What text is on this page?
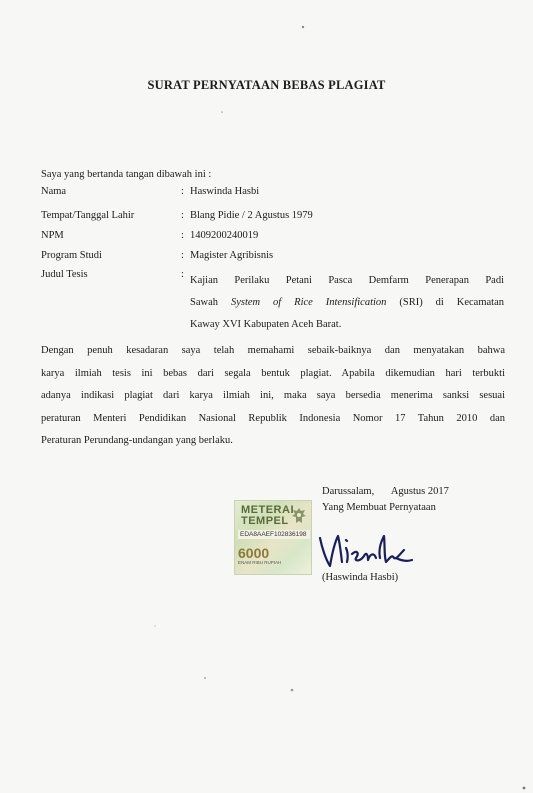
SURAT PERNYATAAN BEBAS PLAGIAT
Saya yang bertanda tangan dibawah ini :
Nama	: Haswinda Hasbi
Tempat/Tanggal Lahir	: Blang Pidie / 2 Agustus 1979
NPM	: 1409200240019
Program Studi	: Magister Agribisnis
Judul Tesis	:
Kajian Perilaku Petani Pasca Demfarm Penerapan Padi
Sawah System of Rice Intensification (SRI) di Kecamatan
Kaway XVI Kabupaten Aceh Barat.
Dengan penuh kesadaran saya telah memahami sebaik-baiknya dan menyatakan bahwa
karya ilmiah tesis ini bebas dari segala bentuk plagiat. Apabila dikemudian hari terbukti
adanya indikasi plagiat dari karya ilmiah ini, maka saya bersedia menerima sanksi sesuai
peraturan Menteri Pendidikan Nasional Republik Indonesia Nomor 17 Tahun 2010 dan
Peraturan Perundang-undangan yang berlaku.
Darussalam, Agustus 2017
Yang Membuat Pernyataan
METERAI
TEMPEL
EDA8AAEF102836198
6000
ENAM RIBU RUPIAH
(Haswinda Hasbi)
